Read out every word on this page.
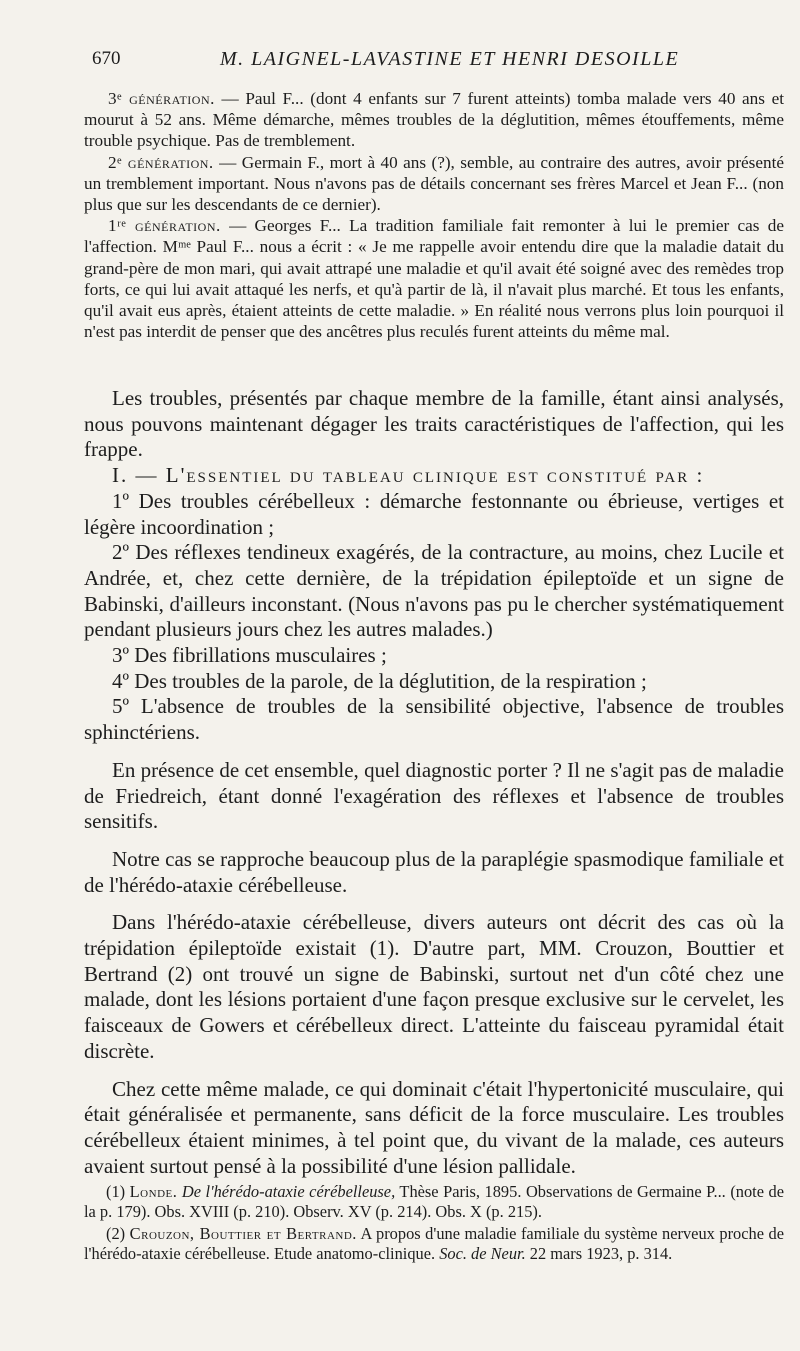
670	M. LAIGNEL-LAVASTINE ET HENRI DESOILLE

3ᵉ génération. — Paul F... (dont 4 enfants sur 7 furent atteints) tomba malade vers 40 ans et mourut à 52 ans. Même démarche, mêmes troubles de la déglutition, mêmes étouffements, même trouble psychique. Pas de tremblement.

2ᵉ génération. — Germain F., mort à 40 ans (?), semble, au contraire des autres, avoir présenté un tremblement important. Nous n'avons pas de détails concernant ses frères Marcel et Jean F... (non plus que sur les descendants de ce dernier).

1ʳᵉ génération. — Georges F... La tradition familiale fait remonter à lui le premier cas de l'affection. Mᵐᵉ Paul F... nous a écrit : « Je me rappelle avoir entendu dire que la maladie datait du grand-père de mon mari, qui avait attrapé une maladie et qu'il avait été soigné avec des remèdes trop forts, ce qui lui avait attaqué les nerfs, et qu'à partir de là, il n'avait plus marché. Et tous les enfants, qu'il avait eus après, étaient atteints de cette maladie. » En réalité nous verrons plus loin pourquoi il n'est pas interdit de penser que des ancêtres plus reculés furent atteints du même mal.

Les troubles, présentés par chaque membre de la famille, étant ainsi analysés, nous pouvons maintenant dégager les traits caractéristiques de l'affection, qui les frappe.

I. — L'essentiel du tableau clinique est constitué par :

1º Des troubles cérébelleux : démarche festonnante ou ébrieuse, vertiges et légère incoordination ;

2º Des réflexes tendineux exagérés, de la contracture, au moins, chez Lucile et Andrée, et, chez cette dernière, de la trépidation épileptoïde et un signe de Babinski, d'ailleurs inconstant. (Nous n'avons pas pu le chercher systématiquement pendant plusieurs jours chez les autres malades.)

3º Des fibrillations musculaires ;

4º Des troubles de la parole, de la déglutition, de la respiration ;

5º L'absence de troubles de la sensibilité objective, l'absence de troubles sphinctériens.

En présence de cet ensemble, quel diagnostic porter ? Il ne s'agit pas de maladie de Friedreich, étant donné l'exagération des réflexes et l'absence de troubles sensitifs.

Notre cas se rapproche beaucoup plus de la paraplégie spasmodique familiale et de l'hérédo-ataxie cérébelleuse.

Dans l'hérédo-ataxie cérébelleuse, divers auteurs ont décrit des cas où la trépidation épileptoïde existait (1). D'autre part, MM. Crouzon, Bouttier et Bertrand (2) ont trouvé un signe de Babinski, surtout net d'un côté chez une malade, dont les lésions portaient d'une façon presque exclusive sur le cervelet, les faisceaux de Gowers et cérébelleux direct. L'atteinte du faisceau pyramidal était discrète.

Chez cette même malade, ce qui dominait c'était l'hypertonicité musculaire, qui était généralisée et permanente, sans déficit de la force musculaire. Les troubles cérébelleux étaient minimes, à tel point que, du vivant de la malade, ces auteurs avaient surtout pensé à la possibilité d'une lésion pallidale.

(1) Londe. De l'hérédo-ataxie cérébelleuse, Thèse Paris, 1895. Observations de Germaine P... (note de la p. 179). Obs. XVIII (p. 210). Observ. XV (p. 214). Obs. X (p. 215).

(2) Crouzon, Bouttier et Bertrand. A propos d'une maladie familiale du système nerveux proche de l'hérédo-ataxie cérébelleuse. Etude anatomo-clinique. Soc. de Neur. 22 mars 1923, p. 314.
